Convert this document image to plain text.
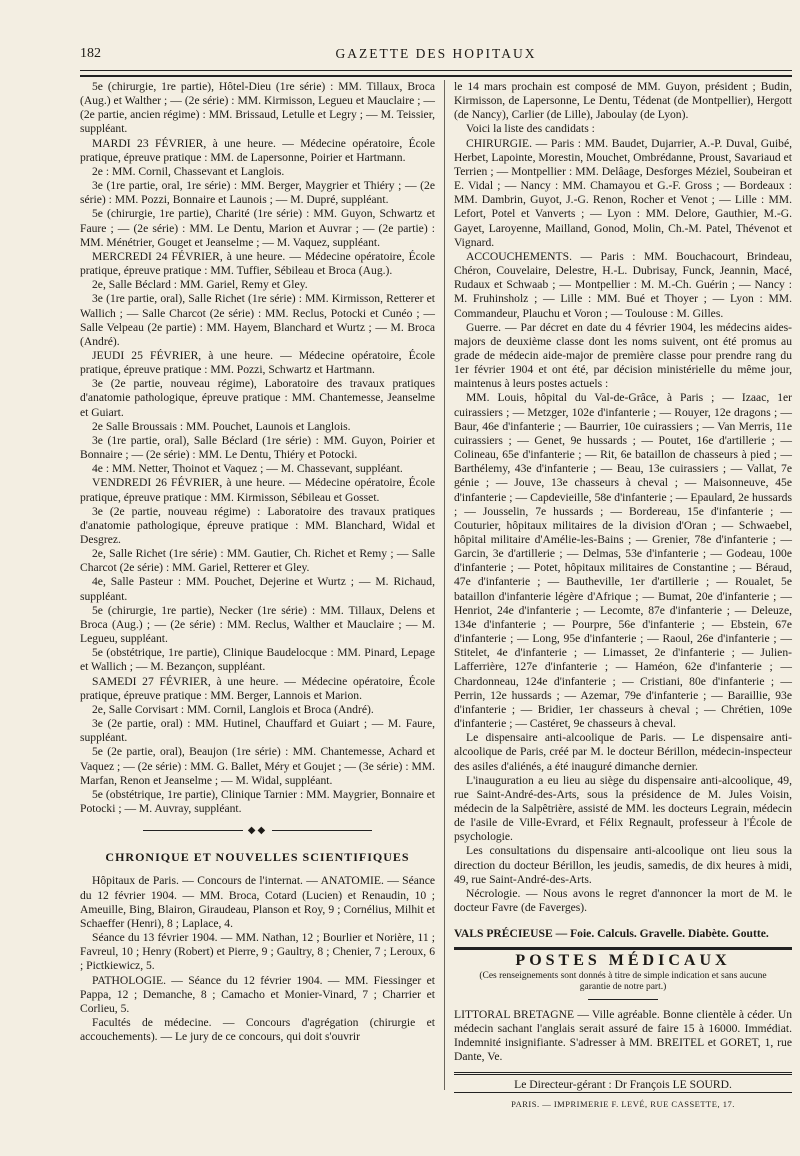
182	GAZETTE DES HOPITAUX

5e (chirurgie, 1re partie), Hôtel-Dieu (1re série) : MM. Tillaux, Broca (Aug.) et Walther ; — (2e série) : MM. Kirmisson, Legueu et Mauclaire ; — (2e partie, ancien régime) : MM. Brissaud, Letulle et Legry ; — M. Teissier, suppléant.

MARDI 23 FÉVRIER, à une heure. — Médecine opératoire, École pratique, épreuve pratique : MM. de Lapersonne, Poirier et Hartmann.

2e : MM. Cornil, Chassevant et Langlois.

3e (1re partie, oral, 1re série) : MM. Berger, Maygrier et Thiéry ; — (2e série) : MM. Pozzi, Bonnaire et Launois ; — M. Dupré, suppléant.

5e (chirurgie, 1re partie), Charité (1re série) : MM. Guyon, Schwartz et Faure ; — (2e série) : MM. Le Dentu, Marion et Auvrar ; — (2e partie) : MM. Ménétrier, Gouget et Jeanselme ; — M. Vaquez, suppléant.

MERCREDI 24 FÉVRIER, à une heure. — Médecine opératoire, École pratique, épreuve pratique : MM. Tuffier, Sébileau et Broca (Aug.).

2e, Salle Béclard : MM. Gariel, Remy et Gley.

3e (1re partie, oral), Salle Richet (1re série) : MM. Kirmisson, Retterer et Wallich ; — Salle Charcot (2e série) : MM. Reclus, Potocki et Cunéo ; — Salle Velpeau (2e partie) : MM. Hayem, Blanchard et Wurtz ; — M. Broca (André).

JEUDI 25 FÉVRIER, à une heure. — Médecine opératoire, École pratique, épreuve pratique : MM. Pozzi, Schwartz et Hartmann.

3e (2e partie, nouveau régime), Laboratoire des travaux pratiques d'anatomie pathologique, épreuve pratique : MM. Chantemesse, Jeanselme et Guiart.

2e Salle Broussais : MM. Pouchet, Launois et Langlois.

3e (1re partie, oral), Salle Béclard (1re série) : MM. Guyon, Poirier et Bonnaire ; — (2e série) : MM. Le Dentu, Thiéry et Potocki.

4e : MM. Netter, Thoinot et Vaquez ; — M. Chassevant, suppléant.

VENDREDI 26 FÉVRIER, à une heure. — Médecine opératoire, École pratique, épreuve pratique : MM. Kirmisson, Sébileau et Gosset.

3e (2e partie, nouveau régime) : Laboratoire des travaux pratiques d'anatomie pathologique, épreuve pratique : MM. Blanchard, Widal et Desgrez.

2e, Salle Richet (1re série) : MM. Gautier, Ch. Richet et Remy ; — Salle Charcot (2e série) : MM. Gariel, Retterer et Gley.

4e, Salle Pasteur : MM. Pouchet, Dejerine et Wurtz ; — M. Richaud, suppléant.

5e (chirurgie, 1re partie), Necker (1re série) : MM. Tillaux, Delens et Broca (Aug.) ; — (2e série) : MM. Reclus, Walther et Mauclaire ; — M. Legueu, suppléant.

5e (obstétrique, 1re partie), Clinique Baudelocque : MM. Pinard, Lepage et Wallich ; — M. Bezançon, suppléant.

SAMEDI 27 FÉVRIER, à une heure. — Médecine opératoire, École pratique, épreuve pratique : MM. Berger, Lannois et Marion.

2e, Salle Corvisart : MM. Cornil, Langlois et Broca (André).

3e (2e partie, oral) : MM. Hutinel, Chauffard et Guiart ; — M. Faure, suppléant.

5e (2e partie, oral), Beaujon (1re série) : MM. Chantemesse, Achard et Vaquez ; — (2e série) : MM. G. Ballet, Méry et Goujet ; — (3e série) : MM. Marfan, Renon et Jeanselme ; — M. Widal, suppléant.

5e (obstétrique, 1re partie), Clinique Tarnier : MM. Maygrier, Bonnaire et Potocki ; — M. Auvray, suppléant.

◆◆
CHRONIQUE ET NOUVELLES SCIENTIFIQUES

Hôpitaux de Paris. — Concours de l'internat. — ANATOMIE. — Séance du 12 février 1904. — MM. Broca, Cotard (Lucien) et Renaudin, 10 ; Ameuille, Bing, Blairon, Giraudeau, Planson et Roy, 9 ; Cornélius, Milhit et Schaeffer (Henri), 8 ; Laplace, 4.

Séance du 13 février 1904. — MM. Nathan, 12 ; Bourlier et Norière, 11 ; Favreul, 10 ; Henry (Robert) et Pierre, 9 ; Gaultry, 8 ; Chenier, 7 ; Leroux, 6 ; Pictkiewicz, 5.

PATHOLOGIE. — Séance du 12 février 1904. — MM. Fiessinger et Pappa, 12 ; Demanche, 8 ; Camacho et Monier-Vinard, 7 ; Charrier et Corlieu, 5.

Facultés de médecine. — Concours d'agrégation (chirurgie et accouchements). — Le jury de ce concours, qui doit s'ouvrir

le 14 mars prochain est composé de MM. Guyon, président ; Budin, Kirmisson, de Lapersonne, Le Dentu, Tédenat (de Montpellier), Hergott (de Nancy), Carlier (de Lille), Jaboulay (de Lyon).

Voici la liste des candidats :

CHIRURGIE. — Paris : MM. Baudet, Dujarrier, A.-P. Duval, Guibé, Herbet, Lapointe, Morestin, Mouchet, Ombrédanne, Proust, Savariaud et Terrien ; — Montpellier : MM. Delâage, Desforges Méziel, Soubeiran et E. Vidal ; — Nancy : MM. Chamayou et G.-F. Gross ; — Bordeaux : MM. Dambrin, Guyot, J.-G. Renon, Rocher et Venot ; — Lille : MM. Lefort, Potel et Vanverts ; — Lyon : MM. Delore, Gauthier, M.-G. Gayet, Laroyenne, Mailland, Gonod, Molin, Ch.-M. Patel, Thévenot et Vignard.

ACCOUCHEMENTS. — Paris : MM. Bouchacourt, Brindeau, Chéron, Couvelaire, Delestre, H.-L. Dubrisay, Funck, Jeannin, Macé, Rudaux et Schwaab ; — Montpellier : M. M.-Ch. Guérin ; — Nancy : M. Fruhinsholz ; — Lille : MM. Bué et Thoyer ; — Lyon : MM. Commandeur, Plauchu et Voron ; — Toulouse : M. Gilles.

Guerre. — Par décret en date du 4 février 1904, les médecins aides-majors de deuxième classe dont les noms suivent, ont été promus au grade de médecin aide-major de première classe pour prendre rang du 1er février 1904 et ont été, par décision ministérielle du même jour, maintenus à leurs postes actuels :

MM. Louis, hôpital du Val-de-Grâce, à Paris ; — Izaac, 1er cuirassiers ; — Metzger, 102e d'infanterie ; — Rouyer, 12e dragons ; — Baur, 46e d'infanterie ; — Baurrier, 10e cuirassiers ; — Van Merris, 11e cuirassiers ; — Genet, 9e hussards ; — Poutet, 16e d'artillerie ; — Colineau, 65e d'infanterie ; — Rit, 6e bataillon de chasseurs à pied ; — Barthélemy, 43e d'infanterie ; — Beau, 13e cuirassiers ; — Vallat, 7e génie ; — Jouve, 13e chasseurs à cheval ; — Maisonneuve, 45e d'infanterie ; — Capdevieille, 58e d'infanterie ; — Epaulard, 2e hussards ; — Jousselin, 7e hussards ; — Bordereau, 15e d'infanterie ; — Couturier, hôpitaux militaires de la division d'Oran ; — Schwaebel, hôpital militaire d'Amélie-les-Bains ; — Grenier, 78e d'infanterie ; — Garcin, 3e d'artillerie ; — Delmas, 53e d'infanterie ; — Godeau, 100e d'infanterie ; — Potet, hôpitaux militaires de Constantine ; — Béraud, 47e d'infanterie ; — Bautheville, 1er d'artillerie ; — Roualet, 5e bataillon d'infanterie légère d'Afrique ; — Bumat, 20e d'infanterie ; — Henriot, 24e d'infanterie ; — Lecomte, 87e d'infanterie ; — Deleuze, 134e d'infanterie ; — Pourpre, 56e d'infanterie ; — Ebstein, 67e d'infanterie ; — Long, 95e d'infanterie ; — Raoul, 26e d'infanterie ; — Stitelet, 4e d'infanterie ; — Limasset, 2e d'infanterie ; — Julien-Lafferrière, 127e d'infanterie ; — Haméon, 62e d'infanterie ; — Chardonneau, 124e d'infanterie ; — Cristiani, 80e d'infanterie ; — Perrin, 12e hussards ; — Azemar, 79e d'infanterie ; — Baraillie, 93e d'infanterie ; — Bridier, 1er chasseurs à cheval ; — Chrétien, 109e d'infanterie ; — Castéret, 9e chasseurs à cheval.

Le dispensaire anti-alcoolique de Paris. — Le dispensaire anti-alcoolique de Paris, créé par M. le docteur Bérillon, médecin-inspecteur des asiles d'aliénés, a été inauguré dimanche dernier.

L'inauguration a eu lieu au siège du dispensaire anti-alcoolique, 49, rue Saint-André-des-Arts, sous la présidence de M. Jules Voisin, médecin de la Salpêtrière, assisté de MM. les docteurs Legrain, médecin de l'asile de Ville-Evrard, et Félix Regnault, professeur à l'École de psychologie.

Les consultations du dispensaire anti-alcoolique ont lieu sous la direction du docteur Bérillon, les jeudis, samedis, de dix heures à midi, 49, rue Saint-André-des-Arts.

Nécrologie. — Nous avons le regret d'annoncer la mort de M. le docteur Favre (de Faverges).

VALS PRÉCIEUSE — Foie. Calculs. Gravelle. Diabète. Goutte.
POSTES MÉDICAUX
(Ces renseignements sont donnés à titre de simple indication et sans aucune garantie de notre part.)

LITTORAL BRETAGNE — Ville agréable. Bonne clientèle à céder. Un médecin sachant l'anglais serait assuré de faire 15 à 16000. Immédiat. Indemnité insignifiante. S'adresser à MM. BREITEL et GORET, 1, rue Dante, Ve.

Le Directeur-gérant : Dr François LE SOURD.
PARIS. — IMPRIMERIE F. LEVÉ, RUE CASSETTE, 17.
